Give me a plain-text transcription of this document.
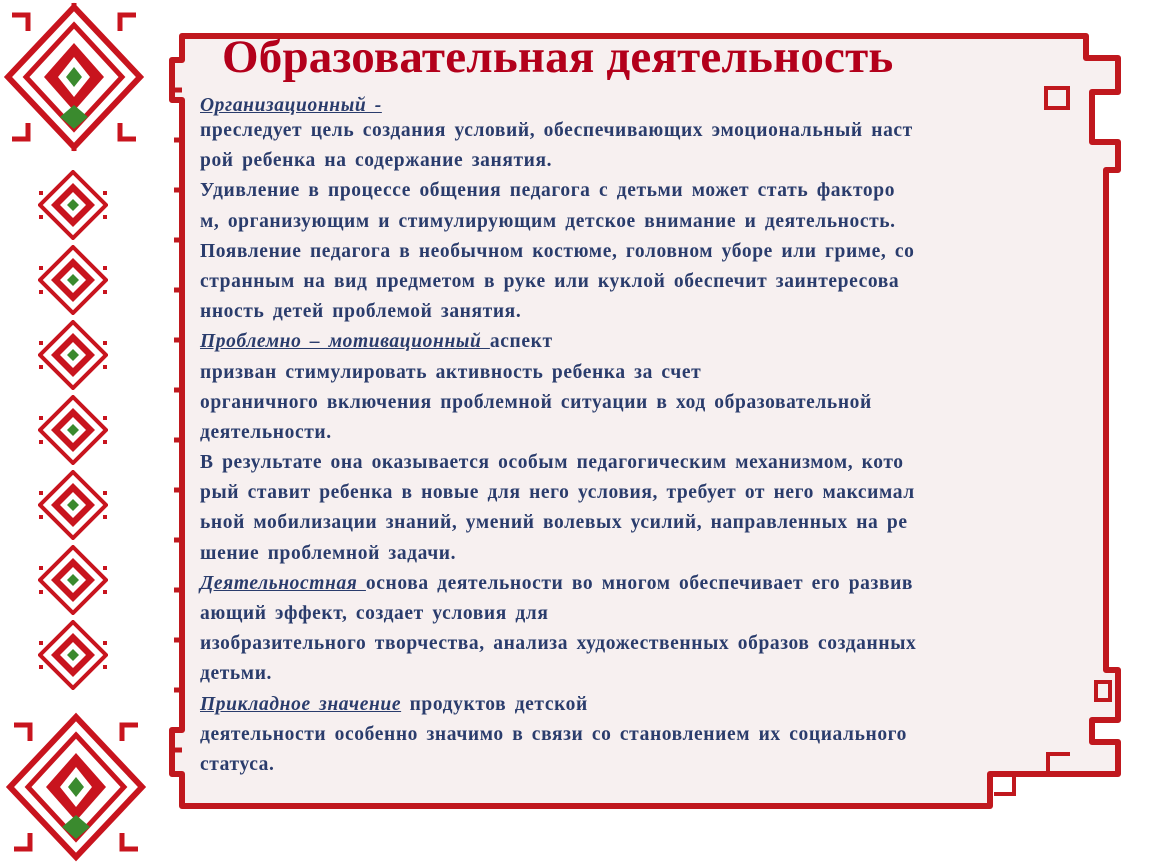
Образовательная деятельность
Организационный -
преследует цель создания условий, обеспечивающих эмоциональный наст
рой ребенка на содержание занятия.
Удивление в процессе общения педагога с детьми может стать факторо
м, организующим и стимулирующим детское внимание и деятельность.
Появление педагога в необычном костюме, головном уборе или гриме, со
странным на вид предметом в руке или куклой обеспечит заинтересова
нность детей проблемой занятия.
Проблемно – мотивационный аспект
призван стимулировать активность ребенка за счет
органичного включения проблемной ситуации в ход образовательной
деятельности.
В результате она оказывается особым педагогическим механизмом, кото
рый ставит ребенка в новые для него условия, требует от него максимал
ьной мобилизации знаний, умений волевых усилий, направленных на ре
шение проблемной задачи.
Деятельностная основа деятельности во многом обеспечивает его развив
ающий эффект, создает условия для
изобразительного творчества, анализа художественных образов созданных
детьми.
Прикладное значение продуктов детской
деятельности особенно значимо в связи со становлением их социального
статуса.
